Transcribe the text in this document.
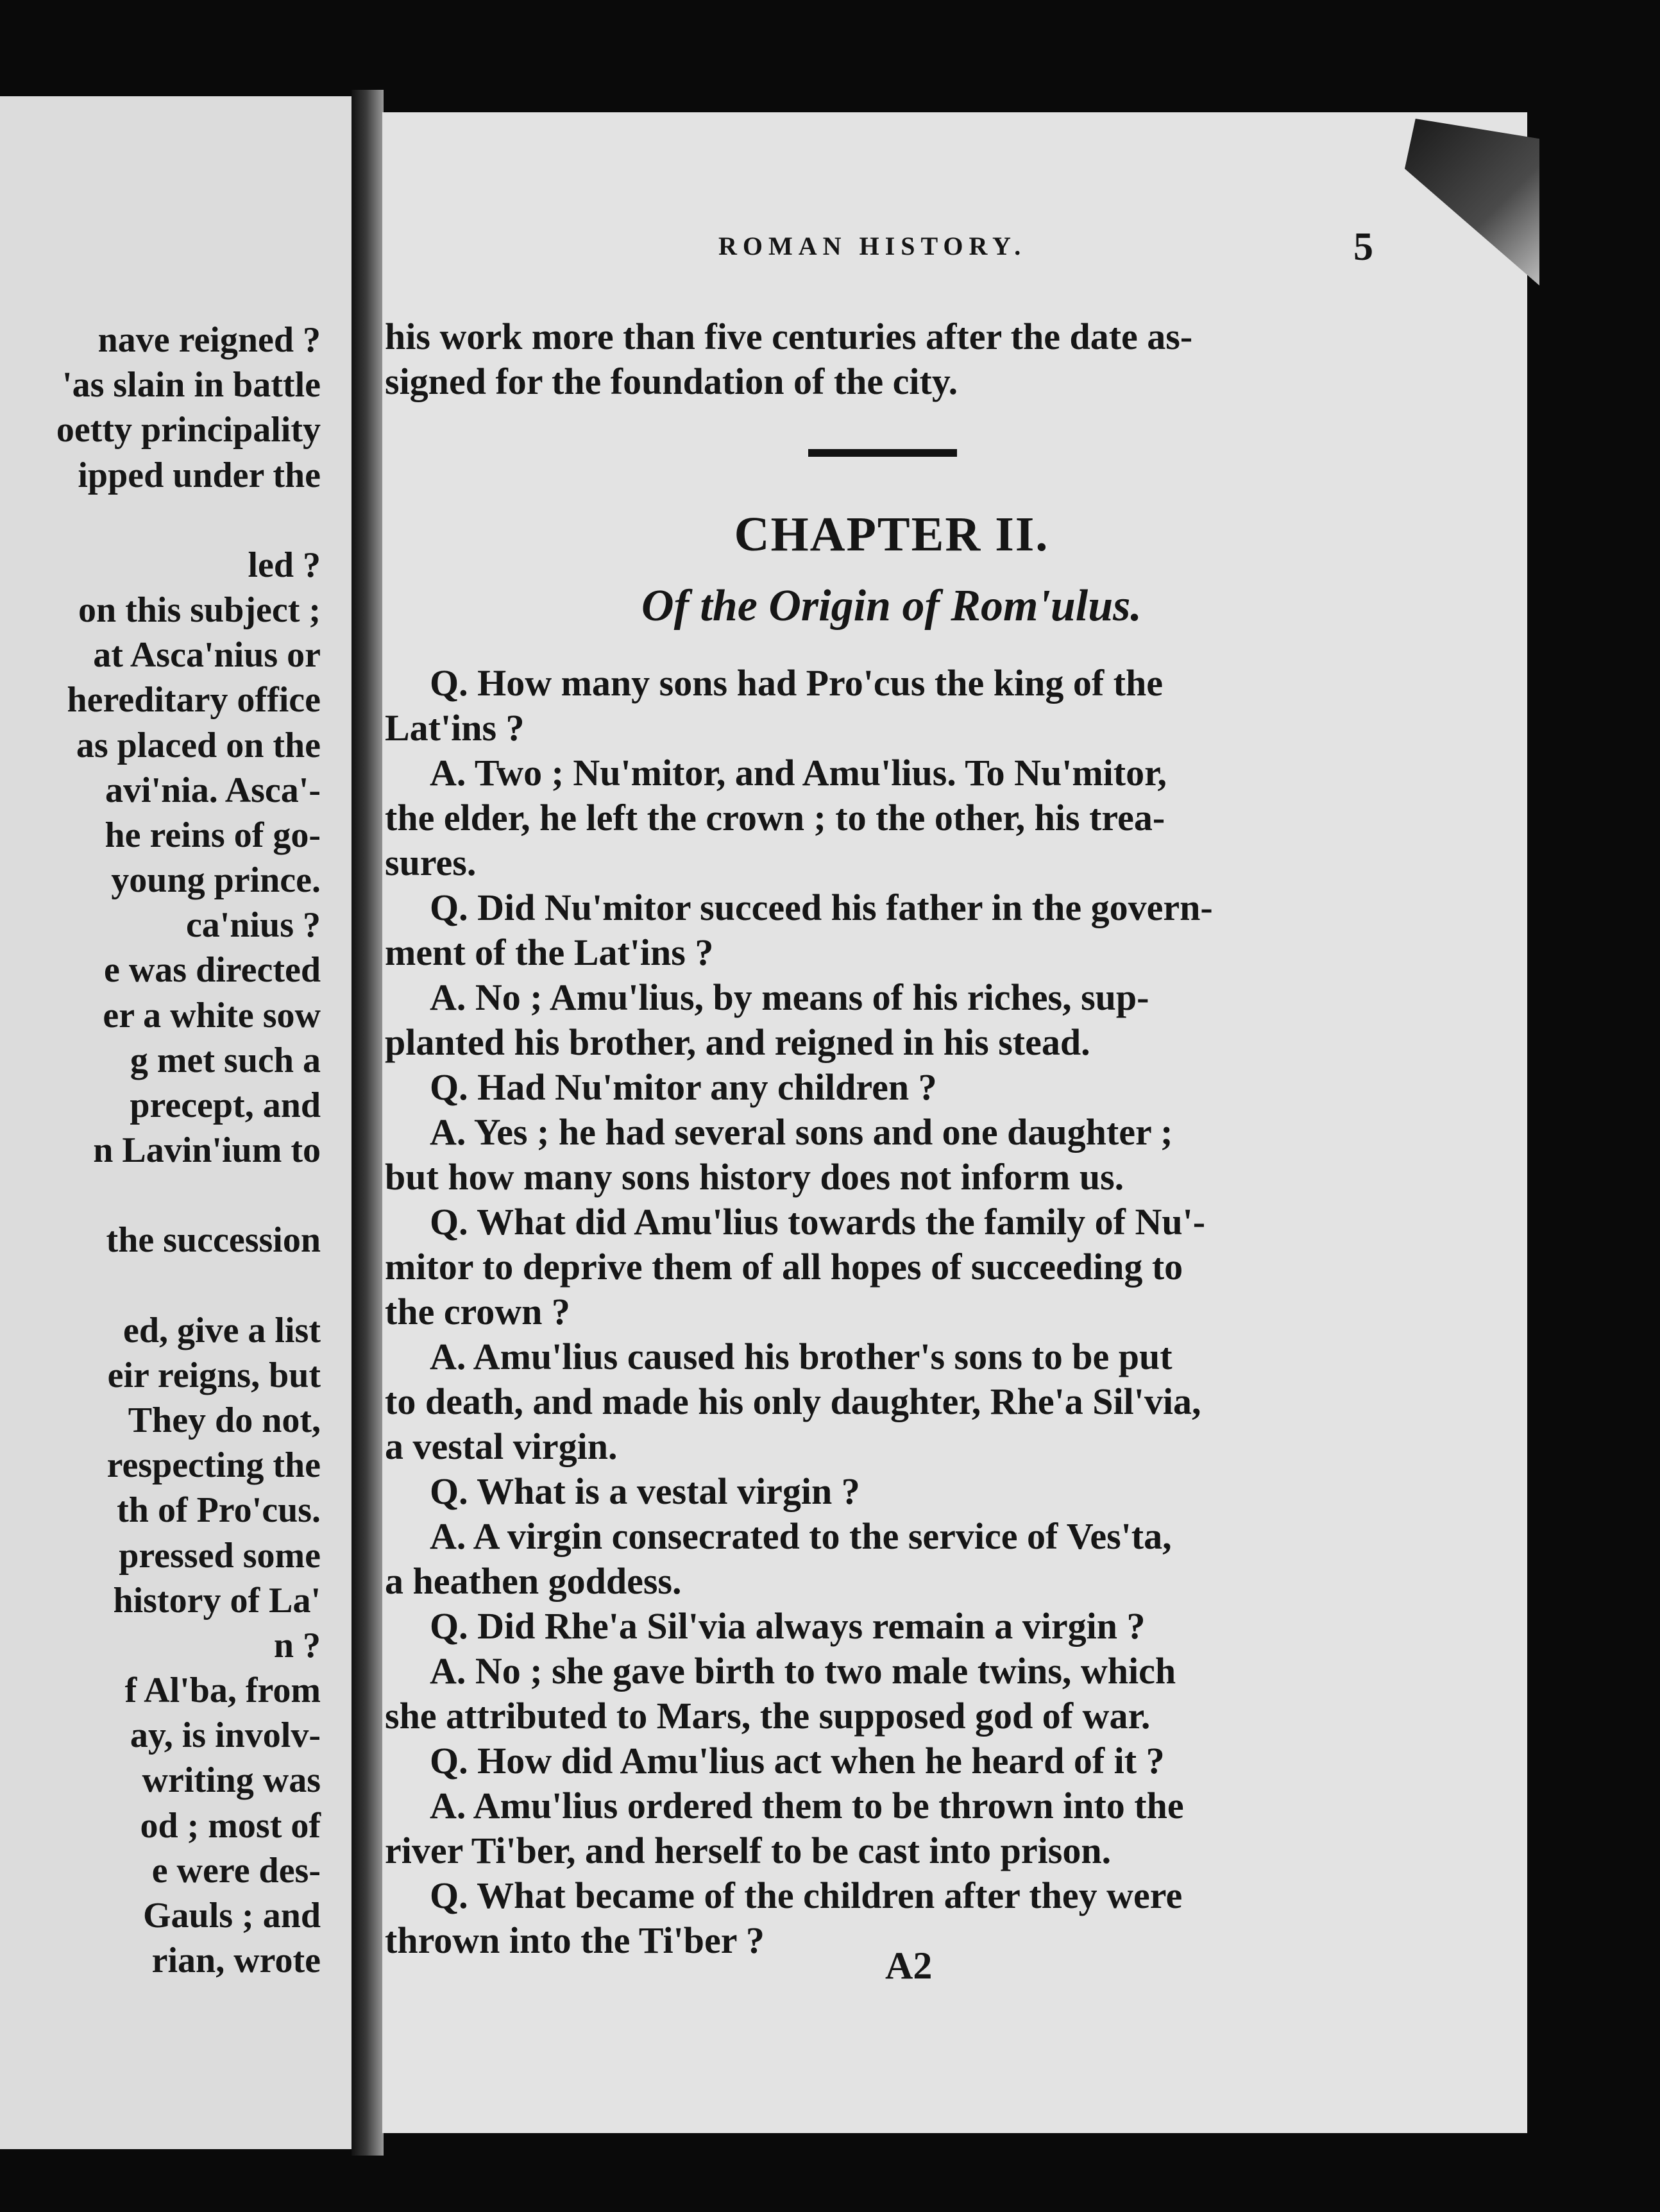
nave reigned ?
'as slain in battle
oetty principality
ipped under the
led ?
on this subject ;
at Asca'nius or
hereditary office
as placed on the
avi'nia. Asca'-
he reins of go-
young prince.
ca'nius ?
e was directed
er a white sow
g met such a
precept, and
n Lavin'ium to
the succession
ed, give a list
eir reigns, but
They do not,
respecting the
th of Pro'cus.
pressed some
history of La'
n ?
f Al'ba, from
ay, is involv-
writing was
od ; most of
e were des-
Gauls ; and
rian, wrote
ROMAN HISTORY.	5
his work more than five centuries after the date as-
signed for the foundation of the city.
CHAPTER II.
Of the Origin of Rom'ulus.
Q. How many sons had Pro'cus the king of the
Lat'ins ?
A. Two ; Nu'mitor, and Amu'lius. To Nu'mitor,
the elder, he left the crown ; to the other, his trea-
sures.
Q. Did Nu'mitor succeed his father in the govern-
ment of the Lat'ins ?
A. No ; Amu'lius, by means of his riches, sup-
planted his brother, and reigned in his stead.
Q. Had Nu'mitor any children ?
A. Yes ; he had several sons and one daughter ;
but how many sons history does not inform us.
Q. What did Amu'lius towards the family of Nu'-
mitor to deprive them of all hopes of succeeding to
the crown ?
A. Amu'lius caused his brother's sons to be put
to death, and made his only daughter, Rhe'a Sil'via,
a vestal virgin.
Q. What is a vestal virgin ?
A. A virgin consecrated to the service of Ves'ta,
a heathen goddess.
Q. Did Rhe'a Sil'via always remain a virgin ?
A. No ; she gave birth to two male twins, which
she attributed to Mars, the supposed god of war.
Q. How did Amu'lius act when he heard of it ?
A. Amu'lius ordered them to be thrown into the
river Ti'ber, and herself to be cast into prison.
Q. What became of the children after they were
thrown into the Ti'ber ?
A2
